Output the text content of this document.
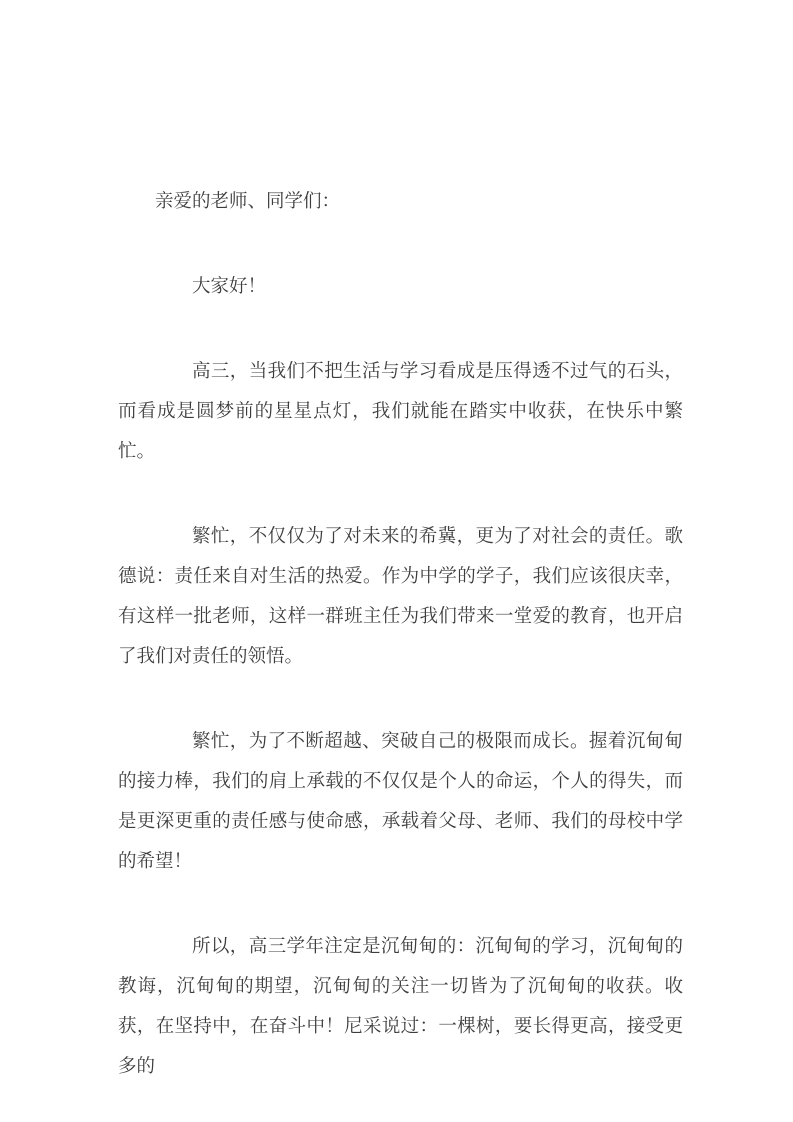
亲爱的老师、同学们：

大家好！

高三，当我们不把生活与学习看成是压得透不过气的石头，而看成是圆梦前的星星点灯，我们就能在踏实中收获，在快乐中繁忙。

繁忙，不仅仅为了对未来的希冀，更为了对社会的责任。歌德说：责任来自对生活的热爱。作为中学的学子，我们应该很庆幸，有这样一批老师，这样一群班主任为我们带来一堂爱的教育，也开启了我们对责任的领悟。

繁忙，为了不断超越、突破自己的极限而成长。握着沉甸甸的接力棒，我们的肩上承载的不仅仅是个人的命运，个人的得失，而是更深更重的责任感与使命感，承载着父母、老师、我们的母校中学的希望！

所以，高三学年注定是沉甸甸的：沉甸甸的学习，沉甸甸的教诲，沉甸甸的期望，沉甸甸的关注一切皆为了沉甸甸的收获。收获，在坚持中，在奋斗中！尼采说过：一棵树，要长得更高，接受更多的
